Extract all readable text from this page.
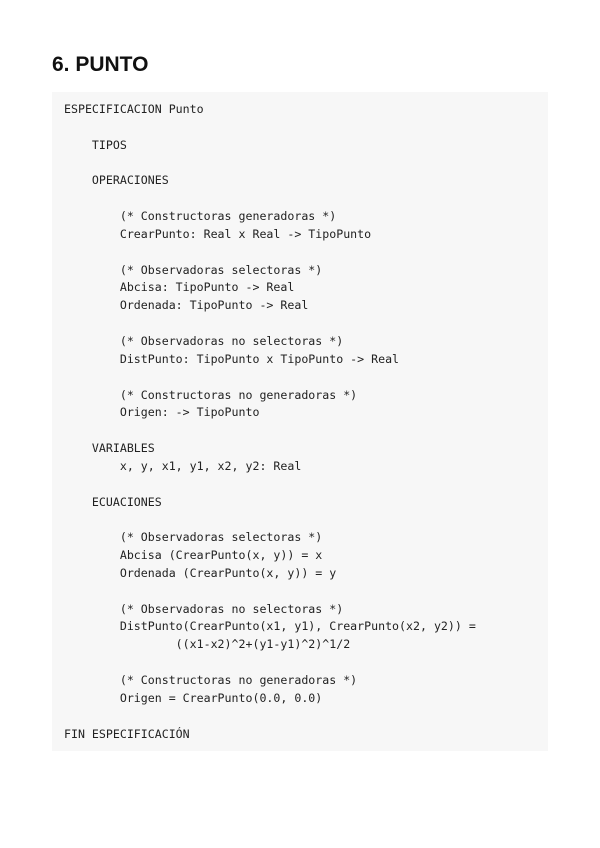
6. PUNTO
ESPECIFICACION Punto
TIPOS
OPERACIONES
(* Constructoras generadoras *)
CrearPunto: Real x Real -> TipoPunto
(* Observadoras selectoras *)
Abcisa: TipoPunto -> Real
Ordenada: TipoPunto -> Real
(* Observadoras no selectoras *)
DistPunto: TipoPunto x TipoPunto -> Real
(* Constructoras no generadoras *)
Origen: -> TipoPunto
VARIABLES
x, y, x1, y1, x2, y2: Real
ECUACIONES
(* Observadoras selectoras *)
Abcisa (CrearPunto(x, y)) = x
Ordenada (CrearPunto(x, y)) = y
(* Observadoras no selectoras *)
DistPunto(CrearPunto(x1, y1), CrearPunto(x2, y2)) =
((x1-x2)^2+(y1-y1)^2)^1/2
(* Constructoras no generadoras *)
Origen = CrearPunto(0.0, 0.0)
FIN ESPECIFICACIÓN
